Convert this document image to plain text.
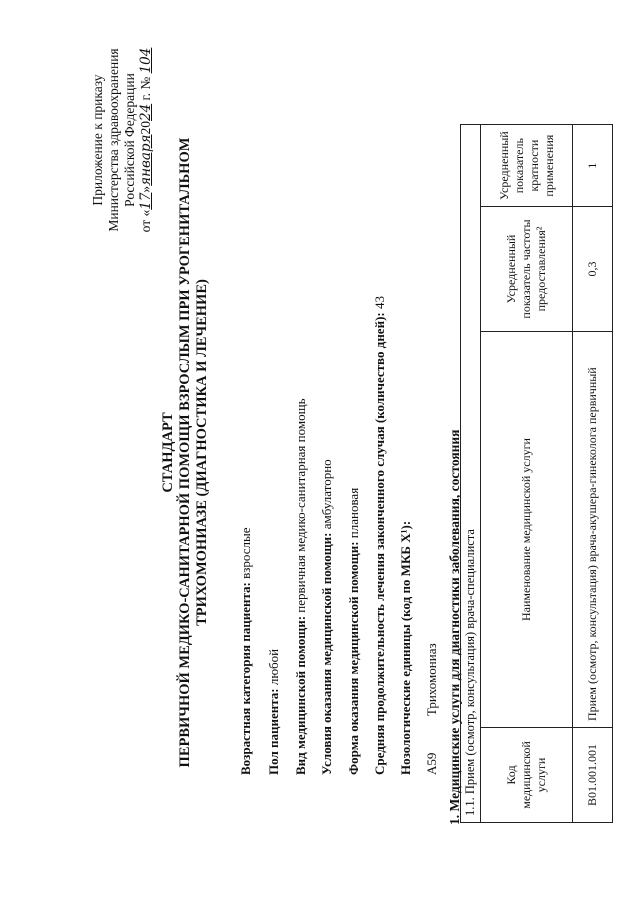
Приложение к приказу Министерства здравоохранения Российской Федерации
от «17»января2024 г. № 104
СТАНДАРТ ПЕРВИЧНОЙ МЕДИКО-САНИТАРНОЙ ПОМОЩИ ВЗРОСЛЫМ ПРИ УРОГЕНИТАЛЬНОМ ТРИХОМОНИАЗЕ (ДИАГНОСТИКА И ЛЕЧЕНИЕ)
Возрастная категория пациента: взрослые
Пол пациента: любой Вид медицинской помощи: первичная медико-санитарная помощь
Условия оказания медицинской помощи: амбулаторно
Форма оказания медицинской помощи: плановая Средняя продолжительность лечения законченного случая (количество дней): 43
Нозологические единицы (код по МКБ Х¹): A59  Трихомониаз 1. Медицинские услуги для диагностики заболевания, состояния 1.1. Прием (осмотр, консультация) врача-специалиста			
Код медицинской услуги	Наименование медицинской услуги	Усредненный показатель частоты предоставления²	Усредненный показатель кратности применения
B01.001.001	Прием (осмотр, консультация) врача-акушера-гинеколога первичный	0,3	1
